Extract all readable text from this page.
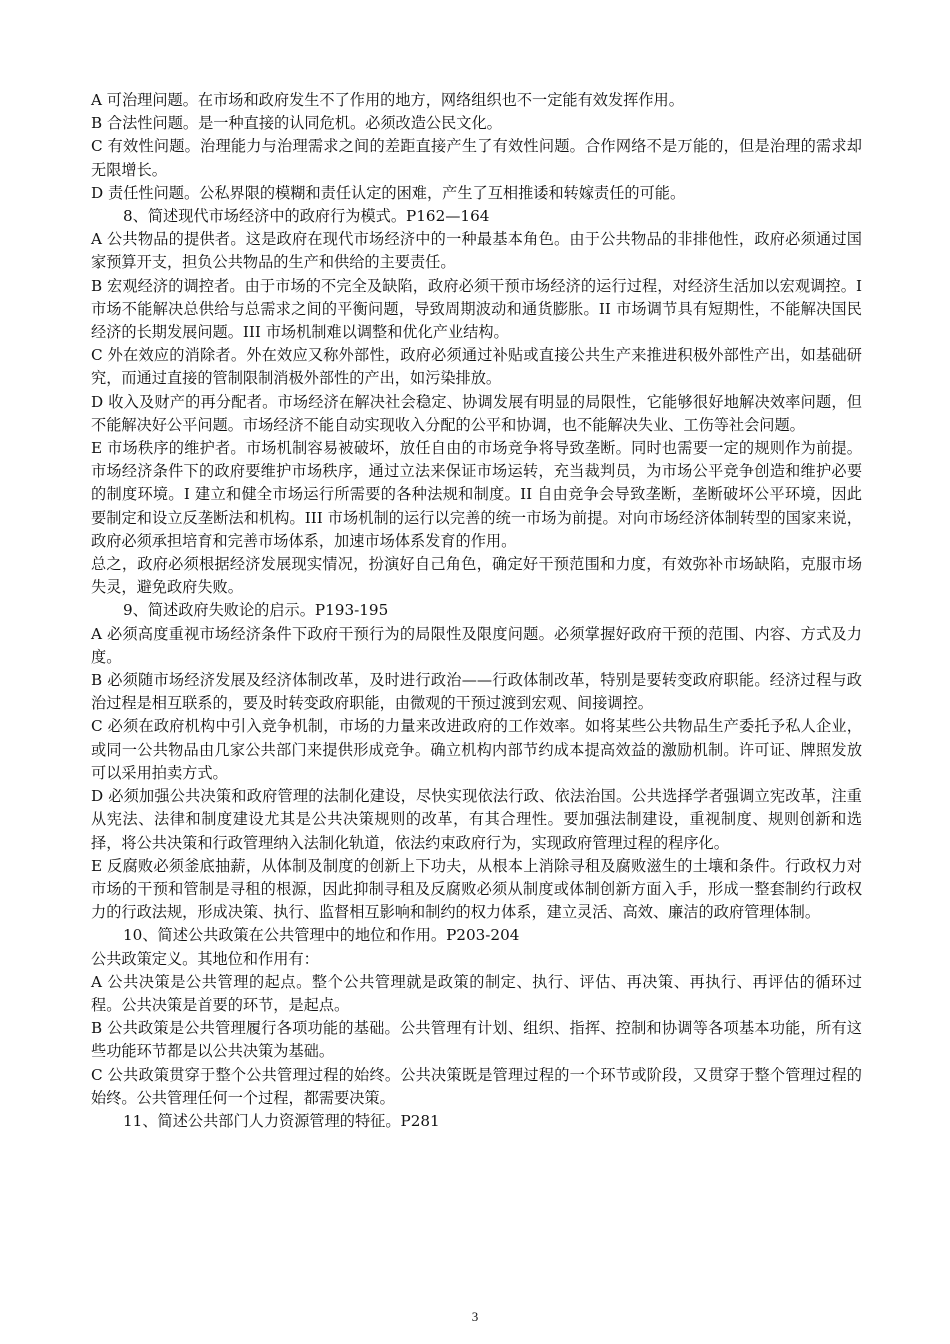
A 可治理问题。在市场和政府发生不了作用的地方，网络组织也不一定能有效发挥作用。

B 合法性问题。是一种直接的认同危机。必须改造公民文化。

C 有效性问题。治理能力与治理需求之间的差距直接产生了有效性问题。合作网络不是万能的，但是治理的需求却无限增长。

D 责任性问题。公私界限的模糊和责任认定的困难，产生了互相推诿和转嫁责任的可能。

8、简述现代市场经济中的政府行为模式。P162—164

A 公共物品的提供者。这是政府在现代市场经济中的一种最基本角色。由于公共物品的非排他性，政府必须通过国家预算开支，担负公共物品的生产和供给的主要责任。

B 宏观经济的调控者。由于市场的不完全及缺陷，政府必须干预市场经济的运行过程，对经济生活加以宏观调控。I 市场不能解决总供给与总需求之间的平衡问题，导致周期波动和通货膨胀。II 市场调节具有短期性，不能解决国民经济的长期发展问题。III 市场机制难以调整和优化产业结构。

C 外在效应的消除者。外在效应又称外部性，政府必须通过补贴或直接公共生产来推进积极外部性产出，如基础研究，而通过直接的管制限制消极外部性的产出，如污染排放。

D 收入及财产的再分配者。市场经济在解决社会稳定、协调发展有明显的局限性，它能够很好地解决效率问题，但不能解决好公平问题。市场经济不能自动实现收入分配的公平和协调，也不能解决失业、工伤等社会问题。

E 市场秩序的维护者。市场机制容易被破坏，放任自由的市场竞争将导致垄断。同时也需要一定的规则作为前提。市场经济条件下的政府要维护市场秩序，通过立法来保证市场运转，充当裁判员，为市场公平竞争创造和维护必要的制度环境。I 建立和健全市场运行所需要的各种法规和制度。II 自由竞争会导致垄断，垄断破坏公平环境，因此要制定和设立反垄断法和机构。III 市场机制的运行以完善的统一市场为前提。对向市场经济体制转型的国家来说，政府必须承担培育和完善市场体系，加速市场体系发育的作用。

总之，政府必须根据经济发展现实情况，扮演好自己角色，确定好干预范围和力度，有效弥补市场缺陷，克服市场失灵，避免政府失败。

9、简述政府失败论的启示。P193-195

A 必须高度重视市场经济条件下政府干预行为的局限性及限度问题。必须掌握好政府干预的范围、内容、方式及力度。

B 必须随市场经济发展及经济体制改革，及时进行政治——行政体制改革，特别是要转变政府职能。经济过程与政治过程是相互联系的，要及时转变政府职能，由微观的干预过渡到宏观、间接调控。

C 必须在政府机构中引入竞争机制，市场的力量来改进政府的工作效率。如将某些公共物品生产委托予私人企业，或同一公共物品由几家公共部门来提供形成竞争。确立机构内部节约成本提高效益的激励机制。许可证、牌照发放可以采用拍卖方式。

D 必须加强公共决策和政府管理的法制化建设，尽快实现依法行政、依法治国。公共选择学者强调立宪改革，注重从宪法、法律和制度建设尤其是公共决策规则的改革，有其合理性。要加强法制建设，重视制度、规则创新和选择，将公共决策和行政管理纳入法制化轨道，依法约束政府行为，实现政府管理过程的程序化。

E 反腐败必须釜底抽薪，从体制及制度的创新上下功夫，从根本上消除寻租及腐败滋生的土壤和条件。行政权力对市场的干预和管制是寻租的根源，因此抑制寻租及反腐败必须从制度或体制创新方面入手，形成一整套制约行政权力的行政法规，形成决策、执行、监督相互影响和制约的权力体系，建立灵活、高效、廉洁的政府管理体制。

10、简述公共政策在公共管理中的地位和作用。P203-204

公共政策定义。其地位和作用有：

A 公共决策是公共管理的起点。整个公共管理就是政策的制定、执行、评估、再决策、再执行、再评估的循环过程。公共决策是首要的环节，是起点。

B 公共政策是公共管理履行各项功能的基础。公共管理有计划、组织、指挥、控制和协调等各项基本功能，所有这些功能环节都是以公共决策为基础。

C 公共政策贯穿于整个公共管理过程的始终。公共决策既是管理过程的一个环节或阶段，又贯穿于整个管理过程的始终。公共管理任何一个过程，都需要决策。

11、简述公共部门人力资源管理的特征。P281

3
